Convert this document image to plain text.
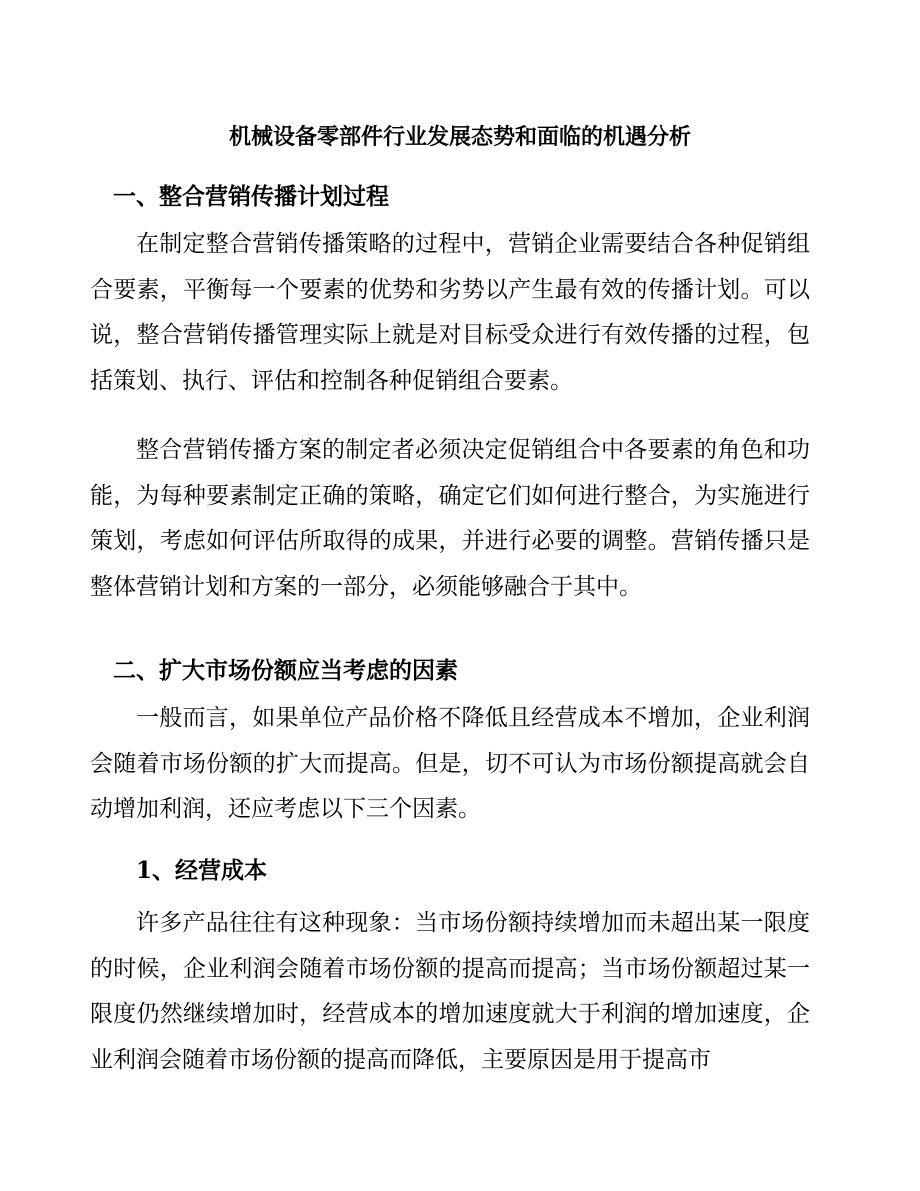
机械设备零部件行业发展态势和面临的机遇分析
一、整合营销传播计划过程

在制定整合营销传播策略的过程中，营销企业需要结合各种促销组合要素，平衡每一个要素的优势和劣势以产生最有效的传播计划。可以说，整合营销传播管理实际上就是对目标受众进行有效传播的过程，包括策划、执行、评估和控制各种促销组合要素。

整合营销传播方案的制定者必须决定促销组合中各要素的角色和功能，为每种要素制定正确的策略，确定它们如何进行整合，为实施进行策划，考虑如何评估所取得的成果，并进行必要的调整。营销传播只是整体营销计划和方案的一部分，必须能够融合于其中。

二、扩大市场份额应当考虑的因素

一般而言，如果单位产品价格不降低且经营成本不增加，企业利润会随着市场份额的扩大而提高。但是，切不可认为市场份额提高就会自动增加利润，还应考虑以下三个因素。

1、经营成本

许多产品往往有这种现象：当市场份额持续增加而未超出某一限度的时候，企业利润会随着市场份额的提高而提高；当市场份额超过某一限度仍然继续增加时，经营成本的增加速度就大于利润的增加速度，企业利润会随着市场份额的提高而降低，主要原因是用于提高市
